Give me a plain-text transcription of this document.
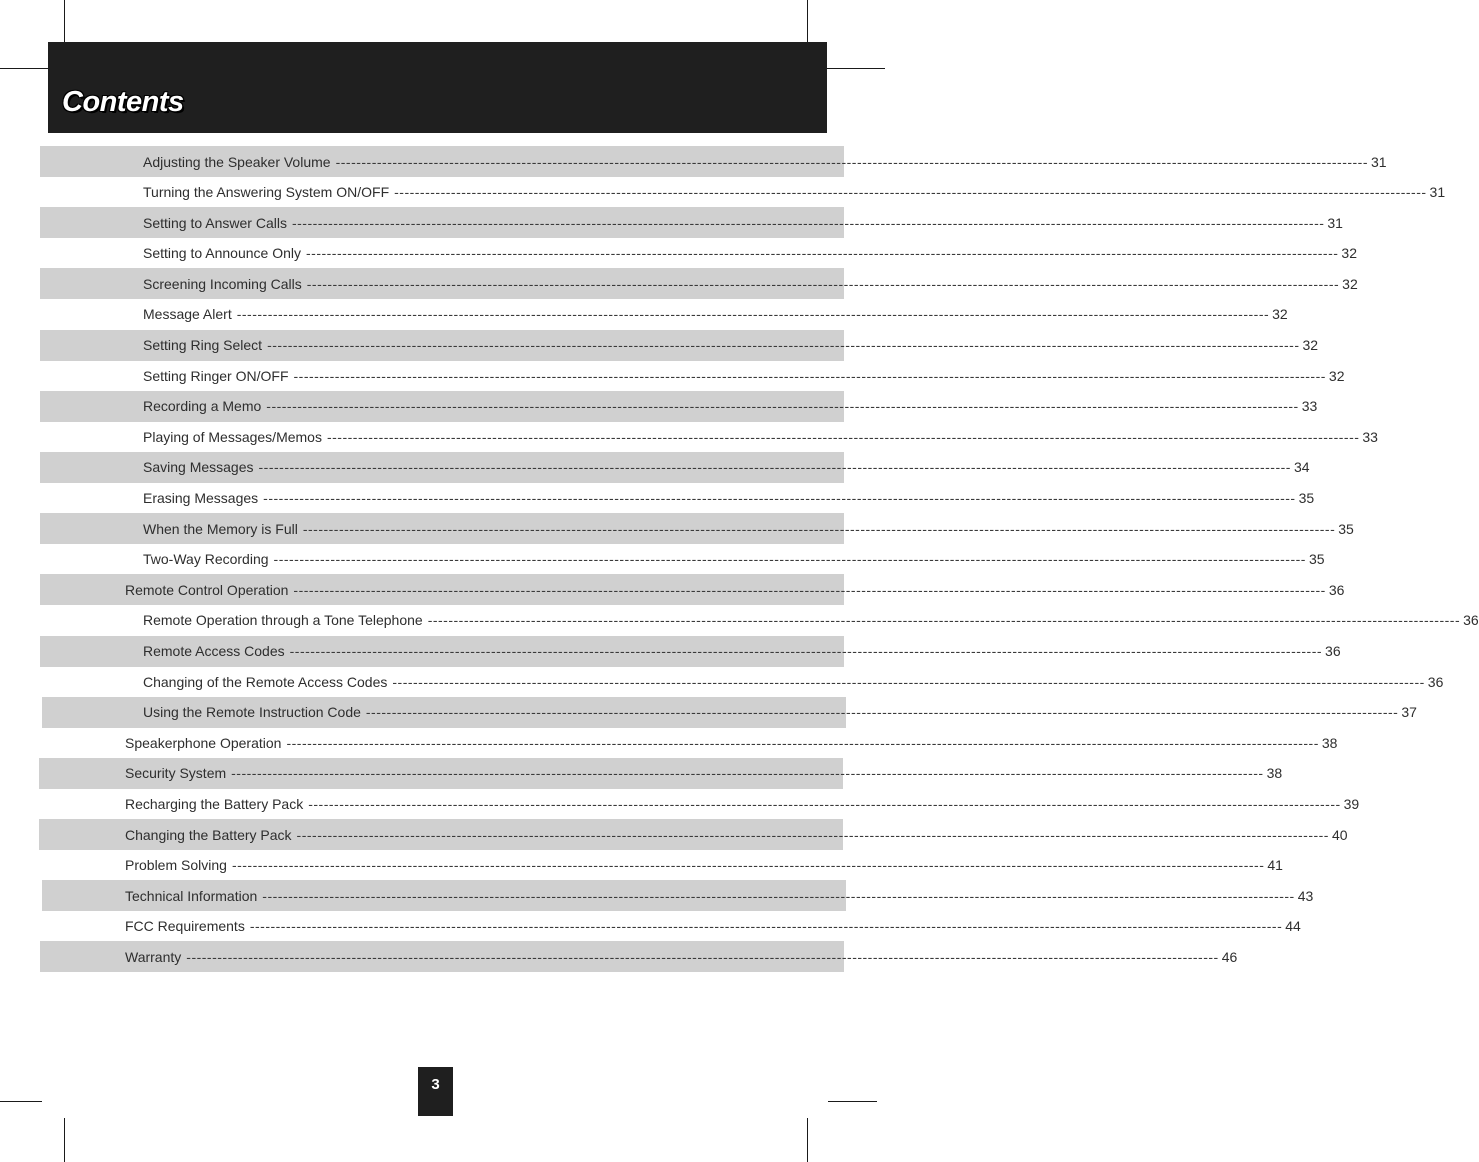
Contents
Adjusting the Speaker Volume -------------------------------------------------------------------------------------------------------------------------------------------------------------------------------------------------------- 31
Turning the Answering System ON/OFF -------------------------------------------------------------------------------------------------------------------------------------------------------------------------------------------------------- 31
Setting to Answer Calls -------------------------------------------------------------------------------------------------------------------------------------------------------------------------------------------------------- 31
Setting to Announce Only -------------------------------------------------------------------------------------------------------------------------------------------------------------------------------------------------------- 32
Screening Incoming Calls -------------------------------------------------------------------------------------------------------------------------------------------------------------------------------------------------------- 32
Message Alert -------------------------------------------------------------------------------------------------------------------------------------------------------------------------------------------------------- 32
Setting Ring Select -------------------------------------------------------------------------------------------------------------------------------------------------------------------------------------------------------- 32
Setting Ringer ON/OFF -------------------------------------------------------------------------------------------------------------------------------------------------------------------------------------------------------- 32
Recording a Memo -------------------------------------------------------------------------------------------------------------------------------------------------------------------------------------------------------- 33
Playing of Messages/Memos -------------------------------------------------------------------------------------------------------------------------------------------------------------------------------------------------------- 33
Saving Messages -------------------------------------------------------------------------------------------------------------------------------------------------------------------------------------------------------- 34
Erasing Messages -------------------------------------------------------------------------------------------------------------------------------------------------------------------------------------------------------- 35
When the Memory is Full -------------------------------------------------------------------------------------------------------------------------------------------------------------------------------------------------------- 35
Two-Way Recording -------------------------------------------------------------------------------------------------------------------------------------------------------------------------------------------------------- 35
Remote Control Operation -------------------------------------------------------------------------------------------------------------------------------------------------------------------------------------------------------- 36
Remote Operation through a Tone Telephone -------------------------------------------------------------------------------------------------------------------------------------------------------------------------------------------------------- 36
Remote Access Codes -------------------------------------------------------------------------------------------------------------------------------------------------------------------------------------------------------- 36
Changing of the Remote Access Codes -------------------------------------------------------------------------------------------------------------------------------------------------------------------------------------------------------- 36
Using the Remote Instruction Code -------------------------------------------------------------------------------------------------------------------------------------------------------------------------------------------------------- 37
Speakerphone Operation -------------------------------------------------------------------------------------------------------------------------------------------------------------------------------------------------------- 38
Security System -------------------------------------------------------------------------------------------------------------------------------------------------------------------------------------------------------- 38
Recharging the Battery Pack -------------------------------------------------------------------------------------------------------------------------------------------------------------------------------------------------------- 39
Changing the Battery Pack -------------------------------------------------------------------------------------------------------------------------------------------------------------------------------------------------------- 40
Problem Solving -------------------------------------------------------------------------------------------------------------------------------------------------------------------------------------------------------- 41
Technical Information -------------------------------------------------------------------------------------------------------------------------------------------------------------------------------------------------------- 43
FCC Requirements -------------------------------------------------------------------------------------------------------------------------------------------------------------------------------------------------------- 44
Warranty -------------------------------------------------------------------------------------------------------------------------------------------------------------------------------------------------------- 46
3
